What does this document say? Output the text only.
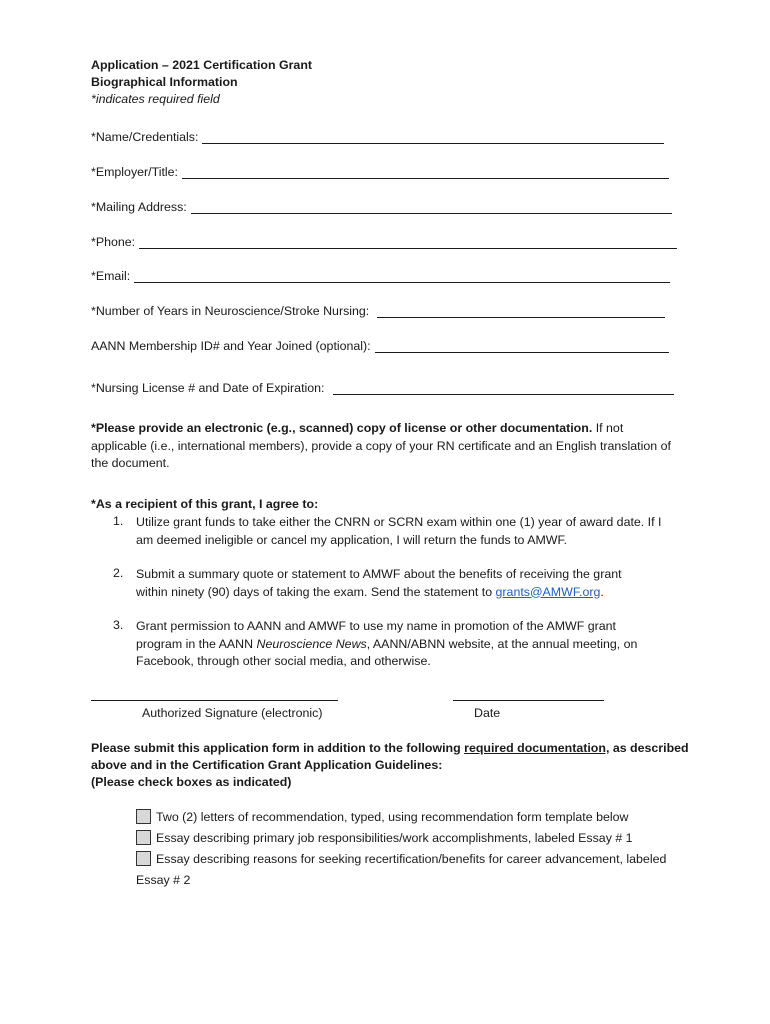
Application – 2021 Certification Grant
Biographical Information
*indicates required field
*Name/Credentials:
*Employer/Title:
*Mailing Address:
*Phone:
*Email:
*Number of Years in Neuroscience/Stroke Nursing:
AANN Membership ID# and Year Joined (optional):
*Nursing License # and Date of Expiration:
*Please provide an electronic (e.g., scanned) copy of license or other documentation. If not applicable (i.e., international members), provide a copy of your RN certificate and an English translation of the document.
*As a recipient of this grant, I agree to:
1. Utilize grant funds to take either the CNRN or SCRN exam within one (1) year of award date. If I am deemed ineligible or cancel my application, I will return the funds to AMWF.
2. Submit a summary quote or statement to AMWF about the benefits of receiving the grant within ninety (90) days of taking the exam. Send the statement to grants@AMWF.org.
3. Grant permission to AANN and AMWF to use my name in promotion of the AMWF grant program in the AANN Neuroscience News, AANN/ABNN website, at the annual meeting, on Facebook, through other social media, and otherwise.
Authorized Signature (electronic)	Date
Please submit this application form in addition to the following required documentation, as described
above and in the Certification Grant Application Guidelines:
(Please check boxes as indicated)
Two (2) letters of recommendation, typed, using recommendation form template below
Essay describing primary job responsibilities/work accomplishments, labeled Essay # 1
Essay describing reasons for seeking recertification/benefits for career advancement, labeled
Essay # 2
